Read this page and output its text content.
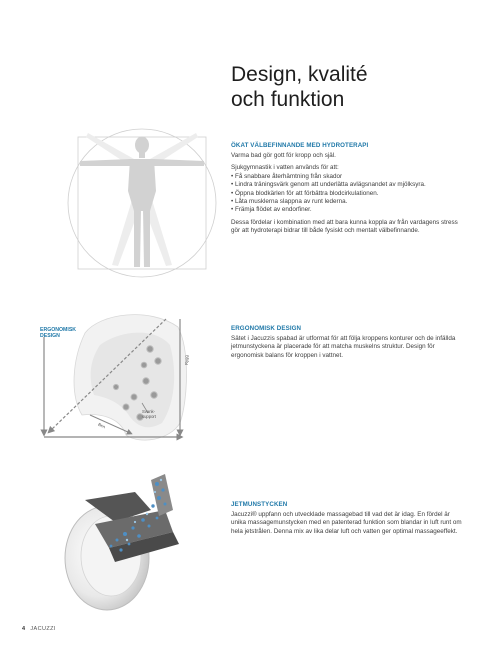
Design, kvalité
och funktion
ÖKAT VÄLBEFINNANDE MED HYDROTERAPI

Varma bad gör gott för kropp och själ.

Sjukgymnastik i vatten används för att:

• Få snabbare återhämtning från skador
• Lindra träningsvärk genom att underlätta avlägsnandet av mjölksyra.
• Öppna blodkärlen för att förbättra blodcirkulationen.
• Låta musklerna slappna av runt lederna.
• Främja flödet av endorfiner.

Dessa fördelar i kombination med att bara kunna koppla av från vardagens stress gör att hydroterapi bidrar till både fysiskt och mentalt välbefinnande.

ERGONOMISK
DESIGN
Rygg
Ben
Svank-
support
ERGONOMISK DESIGN

Sätet i Jacuzzis spabad är utformat för att följa kroppens konturer och de infällda jetmunstyckena är placerade för att matcha muskelns struktur. Design för ergonomisk balans för kroppen i vattnet.

JETMUNSTYCKEN

Jacuzzi® uppfann och utvecklade massagebad till vad det är idag. En fördel är unika massagemunstycken med en patenterad funktion som blandar in luft runt om hela jetstrålen. Denna mix av lika delar luft och vatten ger optimal massageeffekt.

4 JACUZZI
